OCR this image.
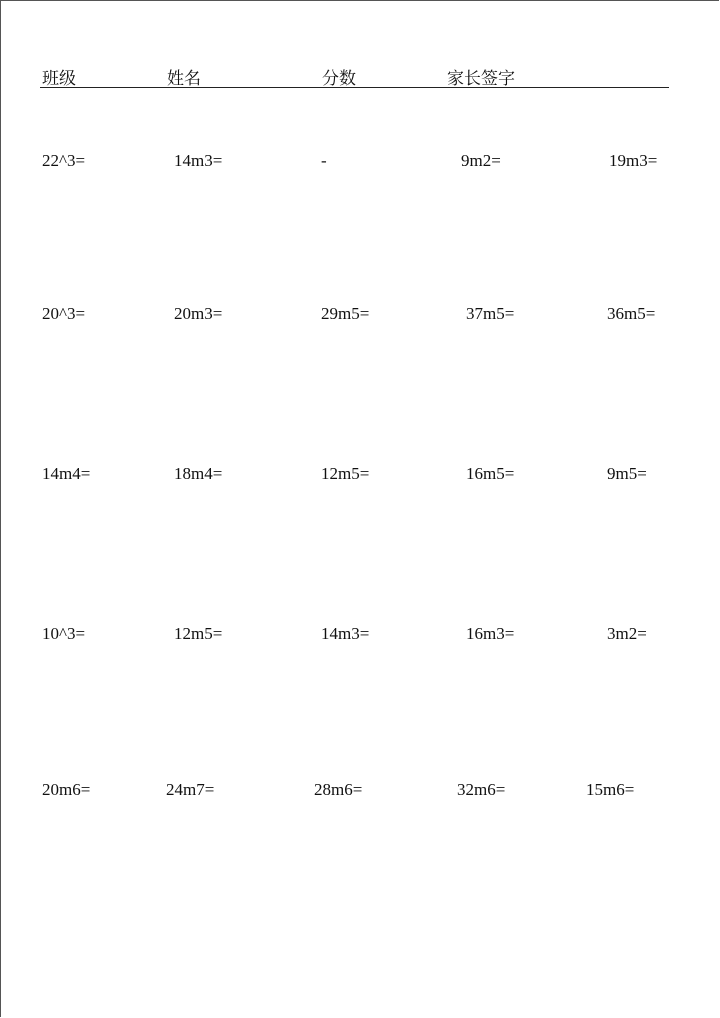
班级	姓名	分数	家长签字
22^3=	14m3=	-	9m2=	19m3=
20^3=	20m3=	29m5=	37m5=	36m5=
14m4=	18m4=	12m5=	16m5=	9m5=
10^3=	12m5=	14m3=	16m3=	3m2=
20m6=	24m7=	28m6=	32m6=	15m6=
